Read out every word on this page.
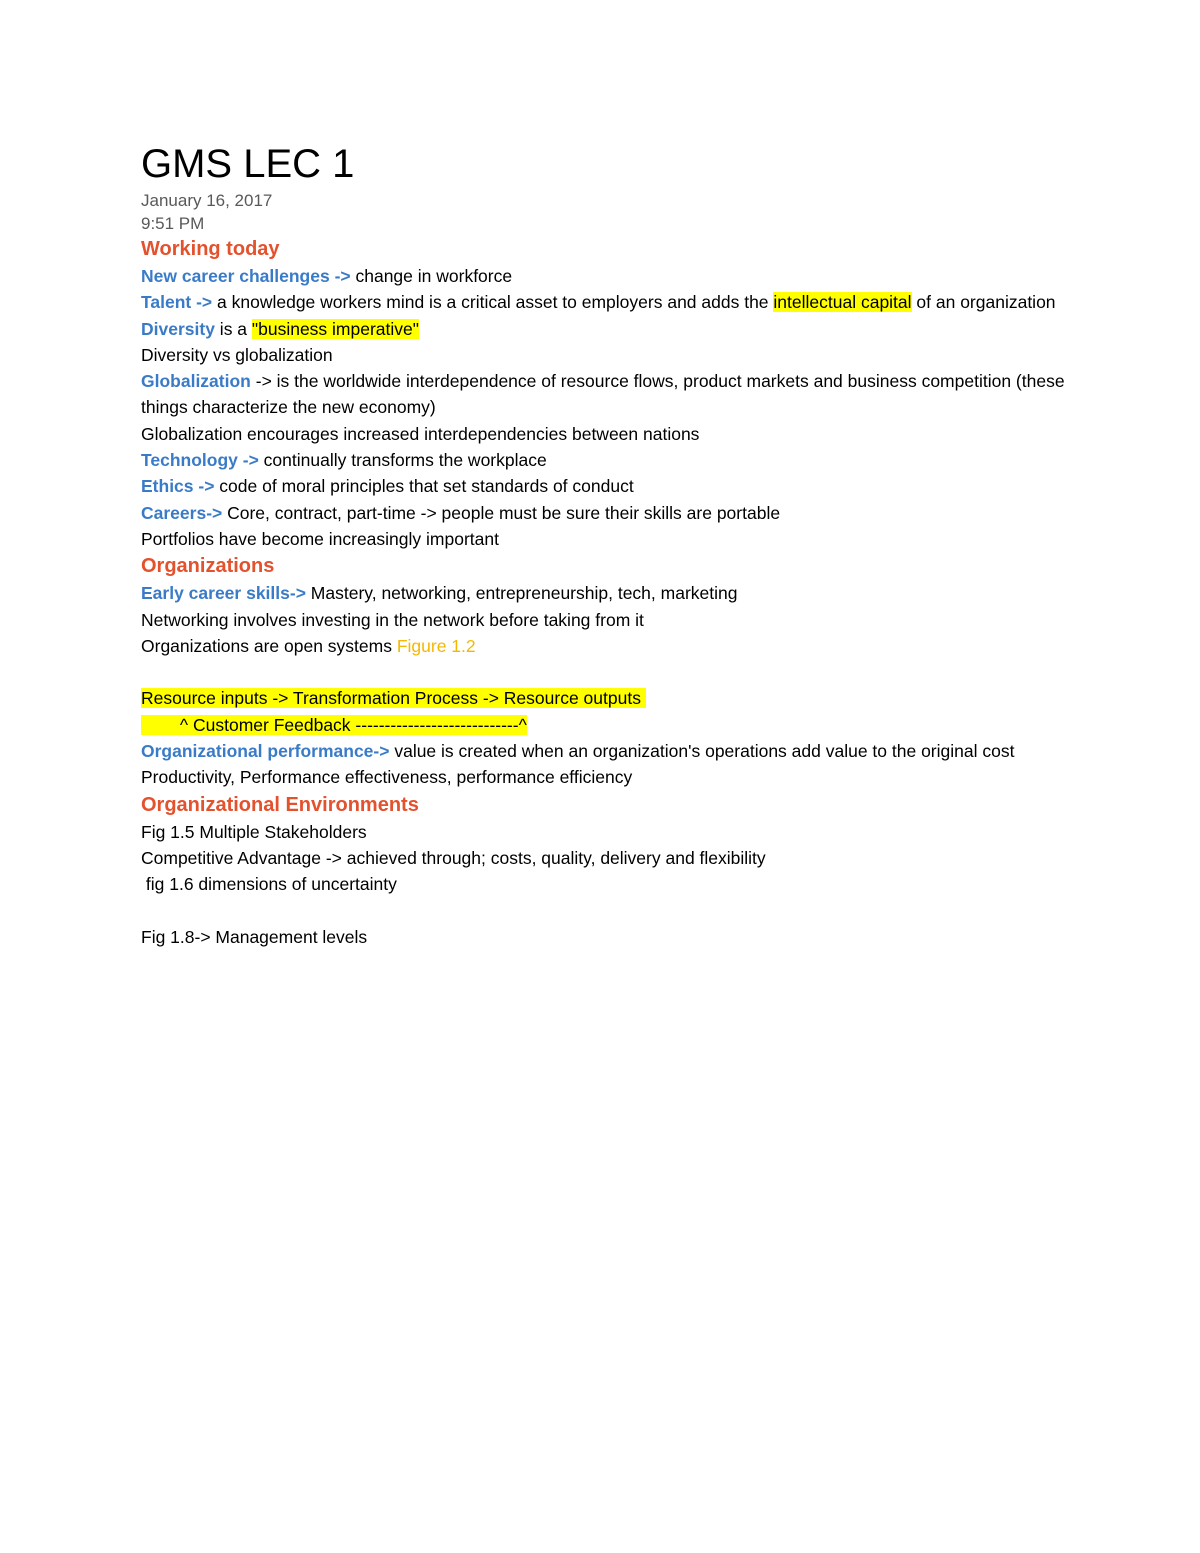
GMS LEC 1
January 16, 2017
9:51 PM
Working today
New career challenges -> change in workforce
Talent -> a knowledge workers mind is a critical asset to employers and adds the intellectual capital of an organization
Diversity is a "business imperative"
Diversity vs globalization
Globalization -> is the worldwide interdependence of resource flows, product markets and business competition (these things characterize the new economy)
Globalization encourages increased interdependencies between nations
Technology -> continually transforms the workplace
Ethics -> code of moral principles that set standards of conduct
Careers-> Core, contract, part-time -> people must be sure their skills are portable
Portfolios have become increasingly important
Organizations
Early career skills-> Mastery, networking, entrepreneurship, tech, marketing
Networking involves investing in the network before taking from it
Organizations are open systems Figure 1.2
Resource inputs -> Transformation Process -> Resource outputs
^ Customer Feedback ----------------------------^
Organizational performance-> value is created when an organization's operations add value to the original cost   Productivity, Performance effectiveness, performance efficiency
Organizational Environments
Fig 1.5 Multiple Stakeholders
Competitive Advantage -> achieved through; costs, quality, delivery and flexibility
fig 1.6 dimensions of uncertainty
Fig 1.8-> Management levels
